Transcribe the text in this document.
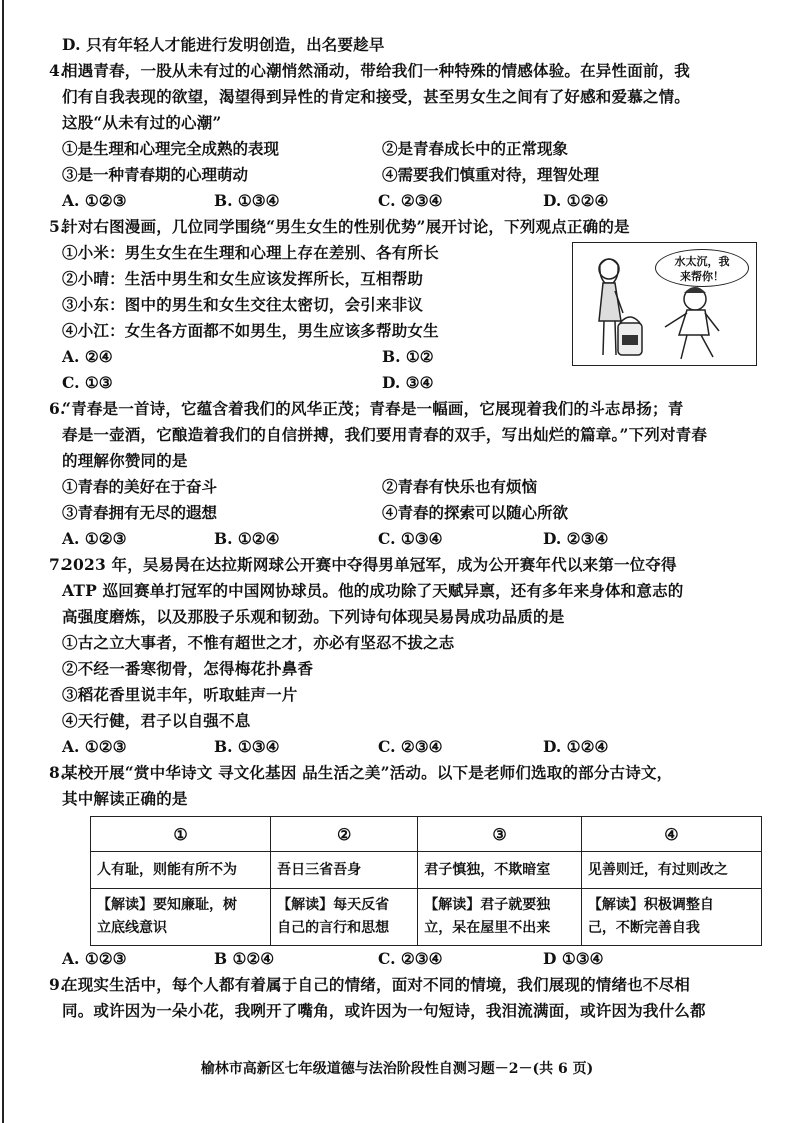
D. 只有年轻人才能进行发明创造，出名要趁早
4.
相遇青春，一股从未有过的心潮悄然涌动，带给我们一种特殊的情感体验。在异性面前，我
们有自我表现的欲望，渴望得到异性的肯定和接受，甚至男女生之间有了好感和爱慕之情。
这股“从未有过的心潮”
①是生理和心理完全成熟的表现	②是青春成长中的正常现象
③是一种青春期的心理萌动	④需要我们慎重对待，理智处理
A. ①②③	B. ①③④	C. ②③④	D. ①②④
5.
针对右图漫画，几位同学围绕“男生女生的性别优势”展开讨论，下列观点正确的是
水太沉，我
来帮你！
①小米：男生女生在生理和心理上存在差别、各有所长
②小晴：生活中男生和女生应该发挥所长，互相帮助
③小东：图中的男生和女生交往太密切，会引来非议
④小江：女生各方面都不如男生，男生应该多帮助女生
A. ②④	B. ①②
C. ①③	D. ③④
6.
“青春是一首诗，它蕴含着我们的风华正茂；青春是一幅画，它展现着我们的斗志昂扬；青
春是一壶酒，它酿造着我们的自信拼搏，我们要用青春的双手，写出灿烂的篇章。”下列对青春
的理解你赞同的是
①青春的美好在于奋斗	②青春有快乐也有烦恼
③青春拥有无尽的遐想	④青春的探索可以随心所欲
A. ①②③	B. ①②④	C. ①③④	D. ②③④
7.
2023 年，吴易昺在达拉斯网球公开赛中夺得男单冠军，成为公开赛年代以来第一位夺得
ATP 巡回赛单打冠军的中国网协球员。他的成功除了天赋异禀，还有多年来身体和意志的
高强度磨炼，以及那股子乐观和韧劲。下列诗句体现吴易昺成功品质的是
①古之立大事者，不惟有超世之才，亦必有坚忍不拔之志
②不经一番寒彻骨，怎得梅花扑鼻香
③稻花香里说丰年，听取蛙声一片
④天行健，君子以自强不息
A. ①②③	B. ①③④	C. ②③④	D. ①②④
8.
某校开展“赏中华诗文 寻文化基因 品生活之美”活动。以下是老师们选取的部分古诗文，
其中解读正确的是
①	②	③	④
人有耻，则能有所不为	吾日三省吾身	君子慎独，不欺暗室	见善则迁，有过则改之
【解读】要知廉耻，树
立底线意识	【解读】每天反省
自己的言行和思想	【解读】君子就要独
立，呆在屋里不出来	【解读】积极调整自
己，不断完善自我
A. ①②③	B ①②④	C. ②③④	D ①③④
9.
在现实生活中，每个人都有着属于自己的情绪，面对不同的情境，我们展现的情绪也不尽相
同。或许因为一朵小花，我咧开了嘴角，或许因为一句短诗，我泪流满面，或许因为我什么都
榆林市高新区七年级道德与法治阶段性自测习题－2－(共 6 页)
